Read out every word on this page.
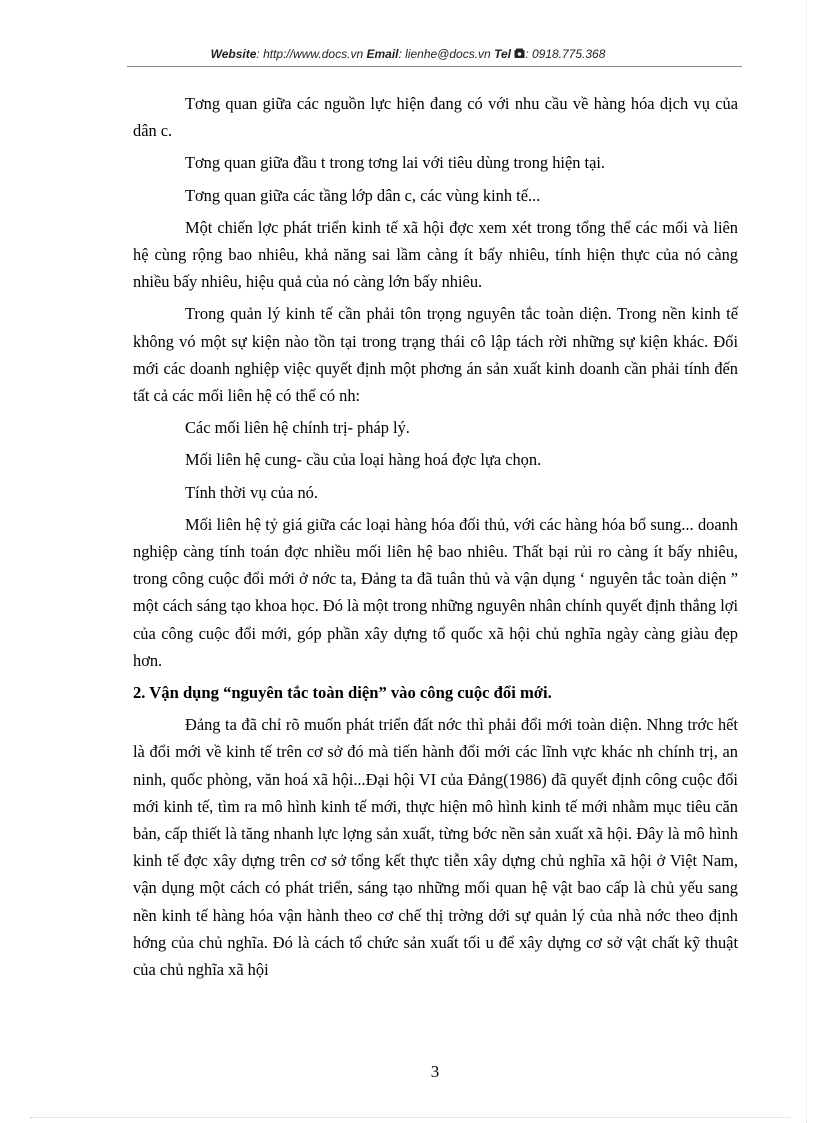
Website: http://www.docs.vn Email: lienhe@docs.vn Tel : 0918.775.368

Tơng quan giữa các nguồn lực hiện đang có với nhu cầu về hàng hóa dịch vụ của dân c.

Tơng quan giữa đầu t trong tơng lai với tiêu dùng trong hiện tại.

Tơng quan giữa các tầng lớp dân c, các vùng kinh tế...

Một chiến lợc phát triển kinh tế xã hội đợc xem xét trong tổng thể các mối và liên hệ cùng rộng bao nhiêu, khả năng sai lầm càng ít bấy nhiêu, tính hiện thực của nó càng nhiều bấy nhiêu, hiệu quả của nó càng lớn bấy nhiêu.

Trong quản lý kinh tế cần phải tôn trọng nguyên tắc toàn diện. Trong nền kinh tế không vó một sự kiện nào tồn tại trong trạng thái cô lập tách rời những sự kiện khác. Đổi mới các doanh nghiệp việc quyết định một phơng án sản xuất kinh doanh cần phải tính đến tất cả các mối liên hệ có thể có nh:

Các mối liên hệ chính trị- pháp lý.

Mối liên hệ cung- cầu của loại hàng hoá đợc lựa chọn.

Tính thời vụ của nó.

Mối liên hệ tỷ giá giữa các loại hàng hóa đối thủ, với các hàng hóa bổ sung... doanh nghiệp càng tính toán đợc nhiều mối liên hệ bao nhiêu. Thất bại rủi ro càng ít bấy nhiêu, trong công cuộc đổi mới ở nớc ta, Đảng ta đã tuân thủ và vận dụng ‘ nguyên tắc toàn diện ” một cách sáng tạo khoa học. Đó là một trong những nguyên nhân chính quyết định thắng lợi của công cuộc đổi mới, góp phần xây dựng tổ quốc xã hội chủ nghĩa ngày càng giàu đẹp hơn.

2. Vận dụng “nguyên tắc toàn diện” vào công cuộc đổi mới.

Đảng ta đã chỉ rõ muốn phát triển đất nớc thì phải đổi mới toàn diện. Nhng trớc hết là đổi mới về kinh tế trên cơ sở đó mà tiến hành đổi mới các lĩnh vực khác nh chính trị, an ninh, quốc phòng, văn hoá xã hội...Đại hội VI của Đảng(1986) đã quyết định công cuộc đổi mới kinh tế, tìm ra mô hình kinh tế mới, thực hiện mô hình kinh tế mới nhằm mục tiêu căn bản, cấp thiết là tăng nhanh lực lợng sản xuất, từng bớc nền sản xuất xã hội. Đây là mô hình kinh tế đợc xây dựng trên cơ sở tổng kết thực tiễn xây dựng chủ nghĩa xã hội ở Việt Nam, vận dụng một cách có phát triển, sáng tạo những mối quan hệ vật bao cấp là chủ yếu sang nền kinh tế hàng hóa vận hành theo cơ chế thị trờng dới sự quản lý của nhà nớc theo định hớng của chủ nghĩa. Đó là cách tổ chức sản xuất tối u để xây dựng cơ sở vật chất kỹ thuật của chủ nghĩa xã hội

3
